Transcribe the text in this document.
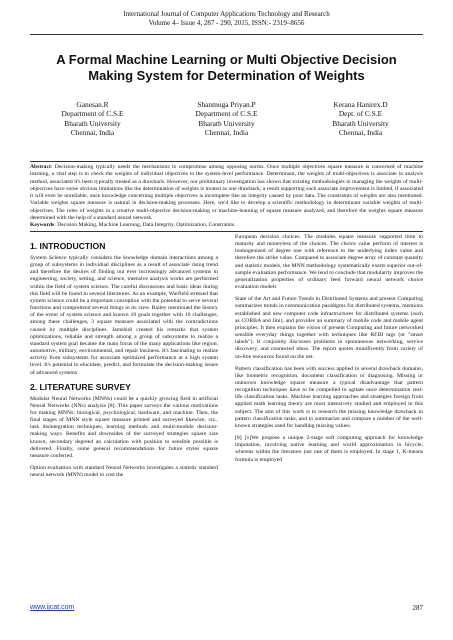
International Journal of Computer Applications Technology and Research
Volume 4– Issue 4, 287 - 290, 2015, ISSN:- 2319–8656
A Formal Machine Learning or Multi Objective Decision Making System for Determination of Weights
Ganesan.R
Department of C.S.E
Bharath University
Chennai, India
Shanmuga Priyan.P
Department of C.S.E
Bharath University
Chennai, India
Kerana Hanirex.D
Dept. of C.S.E
Bharath University
Chennai, India
Abstract: Decision-making typically needs the mechanisms to compromise among opposing norms. Once multiple objectives square measure is concerned of machine learning, a vital step is to check the weights of individual objectives to the system-level performance. Determinant, the weights of multi-objectives is associate in analysis method, associated it's been typically treated as a drawback. However, our preliminary investigation has shown that existing methodologies in managing the weights of multi-objectives have some obvious limitations like the determination of weights is treated as one drawback, a result supporting such associate improvement is limited, if associated it will even be unreliable, once knowledge concerning multiple objectives is incomplete like an integrity caused by poor data. The constraints of weights are also mentioned. Variable weights square measure is natural in decision-making processes. Here, we'd like to develop a scientific methodology in determinant variable weights of multi-objectives. The roles of weights in a creative multi-objective decision-making or machine-learning of square measure analyzed, and therefore the weights square measure determined with the help of a standard neural network.
Keywords: Decision Making, Machine Learning, Data Integrity, Optimization, Constraints.
1. INTRODUCTION

System Science typically considers the knowledge domain interactions among a group of subsystems in individual disciplines as a result of associate rising trend and therefore the desires of finding out ever increasingly advanced systems in engineering, society, setting, and science, intensive analysis works are performed within the field of system science. The careful discussions and basic ideas during this field will be found in several literatures. As an example, Warfield stressed that system science could be a important conception with the potential to serve several functions and comprehend several things in its view. Bailey mentioned the history of the event of system science and known 10 goals together with 10 challenges; among these challenges, 3 square measure associated with the contradictions caused by multiple disciplines. Jamshidi created his remarks that system optimizations, reliable and strength among a group of subsystems to realize a standard system goal became the main focus of the many applications like region, automotive, military, environmental, and repair business. It's fascinating to realize activity from subsystems for associate optimized performance at a high system level. It's potential to elucidate, predict, and formulate the decision-making issues of advanced systems

2. LITERATURE SURVEY

Modular Neural Networks (MNNs) could be a quickly growing field in artificial Neural Networks (NNs) analysis [8]. This paper surveys the various motivations for making MNNs: biological, psychological, hardware, and machine. Then, the final stages of MNN style square measure printed and surveyed likewise, viz., task disintegration techniques, learning methods and multi-module decision-making ways. Benefits and downsides of the surveyed strategies square size known, secondary degreed an calculation with position to sensible possible is delivered. Finally, some general recommendations for future styles square measure conferred.

Option evaluation with standard Neural Networks investigates a statistic standard neural network (MNN) model to cost the

European decision choices. The modules square measure supported time to maturity and moneyless of the choices. The choice value perform of interest is homogenized of degree one with reference to the underlying index value and therefore the strike value. Compared to associate degree array of constant quantity and statistic models, the MNN methodology systematically exerts superior out-of-sample evaluation performance. We tend to conclude that modularity improves the generalization properties of ordinary feed forward neural network choice evaluation models

State of the Art and Future Trends in Distributed Systems and present Computing summarizes trends in communication paradigms for distributed systems, mentions established and new computer code infrastructures for distributed systems (such as CORBA and Jini), and provides an summary of mobile code and mobile agent principles. It then explains the vision of present Computing and future networked sensible everyday things together with techniques like RFID tags (or "smart labels"). It conjointly discusses problems in spontaneous networking, service discovery, and connected ideas. The report quotes munificently from variety of on-line resources found on the net.

Pattern classification has been with success applied in several drawback domains, like biometric recognition, document classification or diagnosing. Missing or unknown knowledge square measure a typical disadvantage that pattern recognition techniques have to be compelled to agitate once determination real-life classification tasks. Machine learning approaches and strategies foreign from applied math learning theory are most intensively studied and employed in this subject. The aim of this work is to research the missing knowledge drawback in pattern classification tasks, and to summarize and compare a number of the well-known strategies used for handling missing values.

[8] [1]We propose a unique 2-stage soft computing approach for knowledge imputation, involving native learning and world approximation in bicycle, whereas within the literature just one of them is employed. In stage 1, K-means formula is employed

www.ijcat.com	287
